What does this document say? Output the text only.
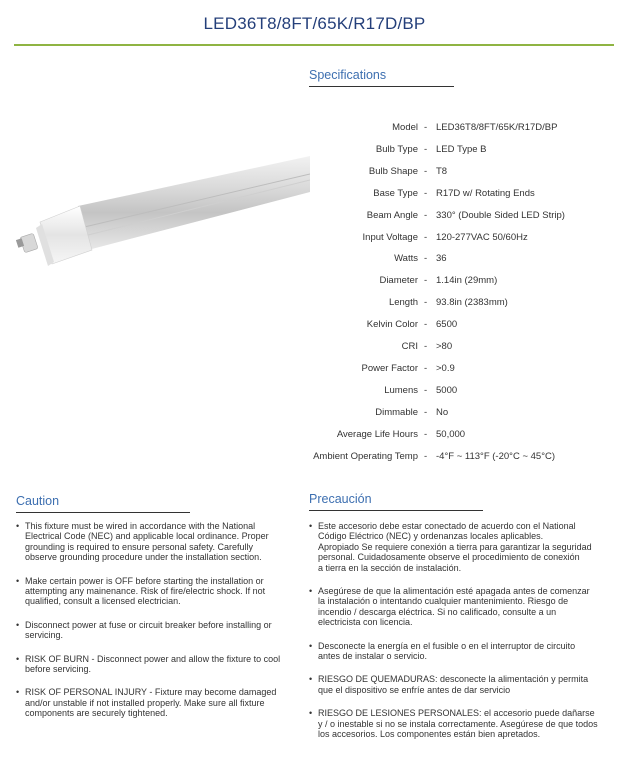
LED36T8/8FT/65K/R17D/BP
Specifications
Model - LED36T8/8FT/65K/R17D/BP
Bulb Type - LED Type B
Bulb Shape - T8
Base Type - R17D w/ Rotating Ends
Beam Angle - 330° (Double Sided LED Strip)
Input Voltage - 120-277VAC 50/60Hz
Watts - 36
Diameter - 1.14in (29mm)
Length - 93.8in (2383mm)
Kelvin Color - 6500
CRI - >80
Power Factor - >0.9
Lumens - 5000
Dimmable - No
Average Life Hours - 50,000
Ambient Operating Temp - -4°F ~ 113°F (-20°C ~ 45°C)
Caution
• This fixture must be wired in accordance with the National
Electrical Code (NEC) and applicable local ordinance. Proper
grounding is required to ensure personal safety. Carefully
observe grounding procedure under the installation section.
• Make certain power is OFF before starting the installation or
attempting any mainenance. Risk of fire/electric shock. If not
qualified, consult a licensed electrician.
• Disconnect power at fuse or circuit breaker before installing or
servicing.
• RISK OF BURN - Disconnect power and allow the fixture to cool
before servicing.
• RISK OF PERSONAL INJURY - Fixture may become damaged
and/or unstable if not installed properly. Make sure all fixture
components are securely tightened.
Precaución
• Este accesorio debe estar conectado de acuerdo con el National
Código Eléctrico (NEC) y ordenanzas locales aplicables.
Apropiado Se requiere conexión a tierra para garantizar la seguridad
personal. Cuidadosamente observe el procedimiento de conexión
a tierra en la sección de instalación.
• Asegúrese de que la alimentación esté apagada antes de comenzar
la instalación o intentando cualquier mantenimiento. Riesgo de
incendio / descarga eléctrica. Si no calificado, consulte a un
electricista con licencia.
• Desconecte la energía en el fusible o en el interruptor de circuito
antes de instalar o servicio.
• RIESGO DE QUEMADURAS: desconecte la alimentación y permita
que el dispositivo se enfríe antes de dar servicio
• RIESGO DE LESIONES PERSONALES: el accesorio puede dañarse
y / o inestable si no se instala correctamente. Asegúrese de que todos
los accesorios. Los componentes están bien apretados.
